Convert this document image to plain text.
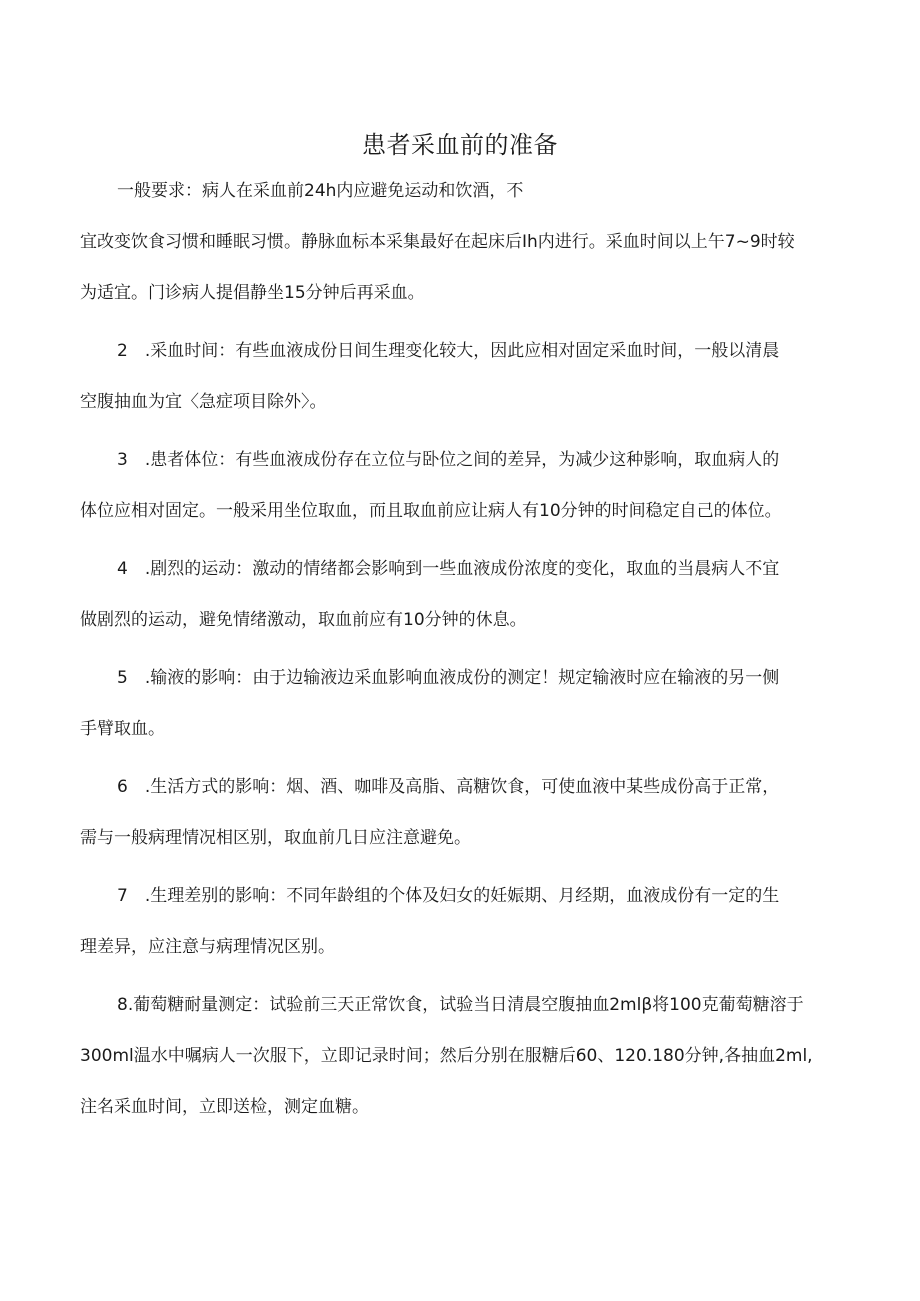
患者采血前的准备
一般要求：病人在采血前24h内应避免运动和饮酒，不
宜改变饮食习惯和睡眠习惯。静脉血标本采集最好在起床后Ih内进行。采血时间以上午7~9时较
为适宜。门诊病人提倡静坐15分钟后再采血。
2　.采血时间：有些血液成份日间生理变化较大，因此应相对固定采血时间，一般以清晨
空腹抽血为宜〈急症项目除外〉。
3　.患者体位：有些血液成份存在立位与卧位之间的差异，为减少这种影响，取血病人的
体位应相对固定。一般采用坐位取血，而且取血前应让病人有10分钟的时间稳定自己的体位。
4　.剧烈的运动：激动的情绪都会影响到一些血液成份浓度的变化，取血的当晨病人不宜
做剧烈的运动，避免情绪激动，取血前应有10分钟的休息。
5　.输液的影响：由于边输液边采血影响血液成份的测定！规定输液时应在输液的另一侧
手臂取血。
6　.生活方式的影响：烟、酒、咖啡及高脂、高糖饮食，可使血液中某些成份高于正常，
需与一般病理情况相区别，取血前几日应注意避免。
7　.生理差别的影响：不同年龄组的个体及妇女的妊娠期、月经期，血液成份有一定的生
理差异，应注意与病理情况区别。
8.葡萄糖耐量测定：试验前三天正常饮食，试验当日清晨空腹抽血2mlβ将100克葡萄糖溶于
300ml温水中嘱病人一次服下，立即记录时间；然后分别在服糖后60、120.180分钟,各抽血2ml,
注名采血时间，立即送检，测定血糖。
